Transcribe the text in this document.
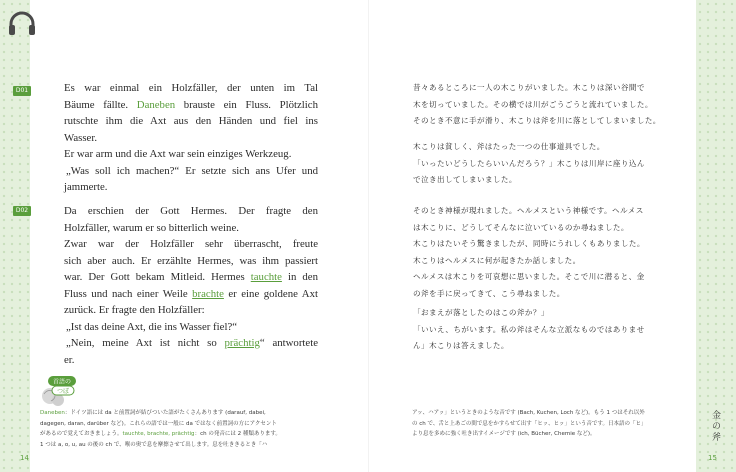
D01
D02

Es war einmal ein Holzfäller, der unten im Tal

Bäume fällte. Daneben brauste ein Fluss. Plötzlich

rutschte ihm die Axt aus den Händen und fiel ins

Wasser.

Er war arm und die Axt war sein einziges Werkzeug.

„Was soll ich machen?“ Er setzte sich ans Ufer und

jammerte.

Da erschien der Gott Hermes. Der fragte den

Holzfäller, warum er so bitterlich weine.

Zwar war der Holzfäller sehr überrascht, freute

sich aber auch. Er erzählte Hermes, was ihm passiert

war. Der Gott bekam Mitleid. Hermes tauchte in den

Fluss und nach einer Weile brachte er eine goldene Axt

zurück. Er fragte den Holzfäller:

„Ist das deine Axt, die ins Wasser fiel?“

„Nein, meine Axt ist nicht so prächtig“ antwortete

er.

首語の
つぼ

Daneben：ドイツ語には da と前置詞が結びついた語がたくさんあります (darauf, dabei,

dagegen, daran, darüber など)。これらの語では一般に da ではなく前置詞の方にアクセント

があるので覚えておきましょう。tauchte, brachte, prächtig：ch の発音には 2 種類あります。

1 つは a, o, u, au の後の ch で、喉の奥で息を摩擦させて出します。息を吐ききるとき「ハ

14

昔々あるところに一人の木こりがいました。木こりは深い谷間で

木を切っていました。その横では川がごうごうと流れていました。

そのとき不意に手が滑り、木こりは斧を川に落としてしまいました。

木こりは貧しく、斧はたった一つの仕事道具でした。

「いったいどうしたらいいんだろう？」木こりは川岸に座り込ん

で泣き出してしまいました。

そのとき神様が現れました。ヘルメスという神様です。ヘルメス

は木こりに、どうしてそんなに泣いているのか尋ねました。

木こりはたいそう驚きましたが、同時にうれしくもありました。

木こりはヘルメスに何が起きたか話しました。

ヘルメスは木こりを可哀想に思いました。そこで川に潜ると、金

の斧を手に戻ってきて、こう尋ねました。

「おまえが落としたのはこの斧か？」

「いいえ、ちがいます。私の斧はそんな立派なものではありませ

ん」木こりは答えました。

アッ、ハアッ」というときのような音です (Bach, Kuchen, Loch など)。もう 1 つはそれ以外

の ch で、舌と上あごの間で息をかすらせて出す「ヒッ、ヒッ」という音です。日本語の「ヒ」

より息を多めに強く吐き出すイメージです (ich, Bücher, Chemie など)。	金の斧
15
